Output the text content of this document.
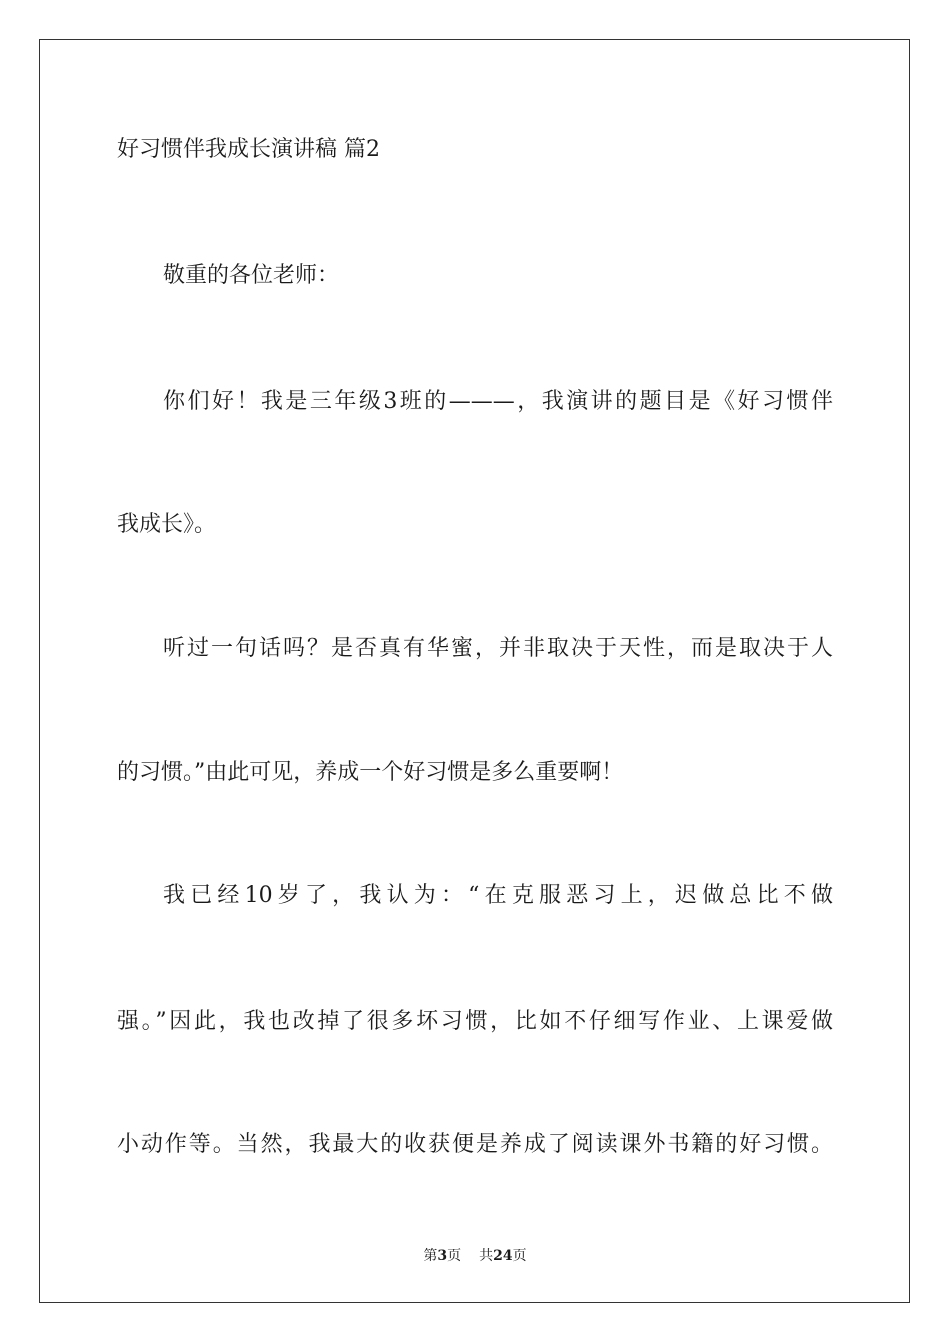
好习惯伴我成长演讲稿 篇2
敬重的各位老师：
你们好！我是三年级3班的———，我演讲的题目是《好习惯伴
我成长》。
听过一句话吗？是否真有华蜜，并非取决于天性，而是取决于人
的习惯。”由此可见，养成一个好习惯是多么重要啊！
我已经10岁了，我认为：“在克服恶习上，迟做总比不做
强。”因此，我也改掉了很多坏习惯，比如不仔细写作业、上课爱做
小动作等。当然，我最大的收获便是养成了阅读课外书籍的好习惯。
第3页 共24页
